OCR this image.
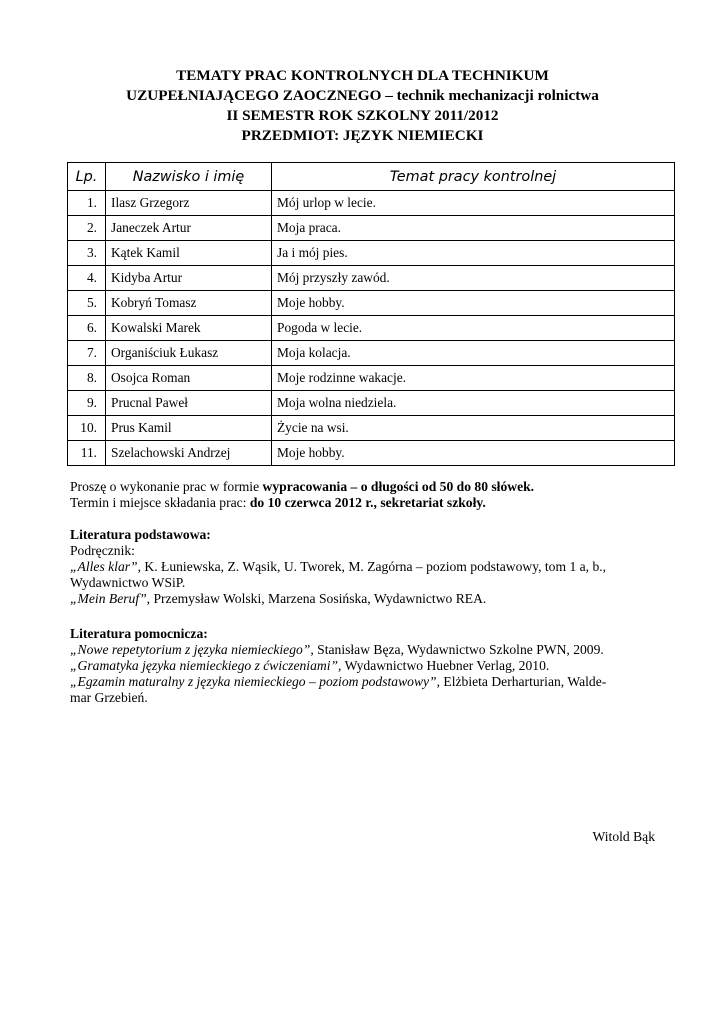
TEMATY PRAC KONTROLNYCH DLA TECHNIKUM
UZUPEŁNIAJĄCEGO ZAOCZNEGO – technik mechanizacji rolnictwa
II SEMESTR ROK SZKOLNY 2011/2012
PRZEDMIOT: JĘZYK NIEMIECKI
Lp.	Nazwisko i imię	Temat pracy kontrolnej
1.	Ilasz Grzegorz	Mój urlop w lecie.
2.	Janeczek Artur	Moja praca.
3.	Kątek Kamil	Ja i mój pies.
4.	Kidyba Artur	Mój przyszły zawód.
5.	Kobryń Tomasz	Moje hobby.
6.	Kowalski Marek	Pogoda w lecie.
7.	Organiściuk Łukasz	Moja kolacja.
8.	Osojca Roman	Moje rodzinne wakacje.
9.	Prucnal Paweł	Moja wolna niedziela.
10.	Prus Kamil	Życie na wsi.
11.	Szelachowski Andrzej	Moje hobby.

Proszę o wykonanie prac w formie wypracowania – o długości od 50 do 80 słówek.

Termin i miejsce składania prac: do 10 czerwca 2012 r., sekretariat szkoły.

Literatura podstawowa:

Podręcznik:

„Alles klar”, K. Łuniewska, Z. Wąsik, U. Tworek, M. Zagórna – poziom podstawowy, tom 1 a, b.,

Wydawnictwo WSiP.

„Mein Beruf”, Przemysław Wolski, Marzena Sosińska, Wydawnictwo REA.

Literatura pomocnicza:

„Nowe repetytorium z języka niemieckiego”, Stanisław Bęza, Wydawnictwo Szkolne PWN, 2009.

„Gramatyka języka niemieckiego z ćwiczeniami”, Wydawnictwo Huebner Verlag, 2010.

„Egzamin maturalny z języka niemieckiego – poziom podstawowy”, Elżbieta Derharturian, Walde-

mar Grzebień.

Witold Bąk
